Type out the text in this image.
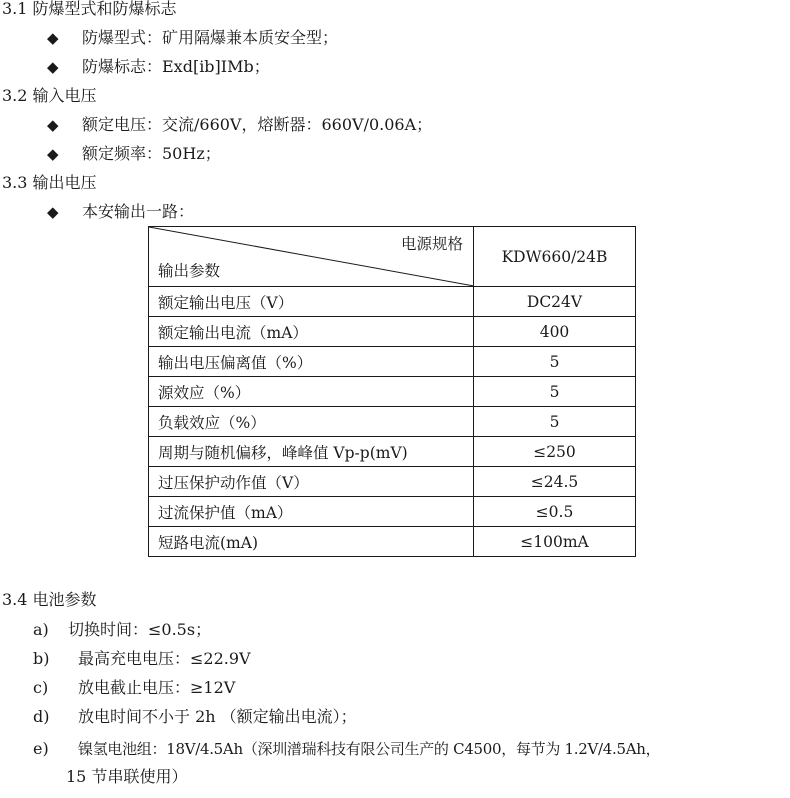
3.1 防爆型式和防爆标志
◆ 防爆型式：矿用隔爆兼本质安全型；
◆ 防爆标志：Exd[ib]IMb；
3.2 输入电压
◆ 额定电压：交流/660V，熔断器：660V/0.06A；
◆ 额定频率：50Hz；
3.3 输出电压
◆ 本安输出一路：
电源规格
输出参数	KDW660/24B
额定输出电压（V）	DC24V
额定输出电流（mA）	400
输出电压偏离值（%）	5
源效应（%）	5
负载效应（%）	5
周期与随机偏移，峰峰值 Vp-p(mV)	≤250
过压保护动作值（V）	≤24.5
过流保护值（mA）	≤0.5
短路电流(mA)	≤100mA
3.4 电池参数
a) 切换时间：≤0.5s；
b) 最高充电电压：≤22.9V
c) 放电截止电压：≥12V
d) 放电时间不小于 2h （额定输出电流）；
e) 镍氢电池组：18V/4.5Ah（深圳潽瑞科技有限公司生产的 C4500，每节为 1.2V/4.5Ah，
15 节串联使用）
